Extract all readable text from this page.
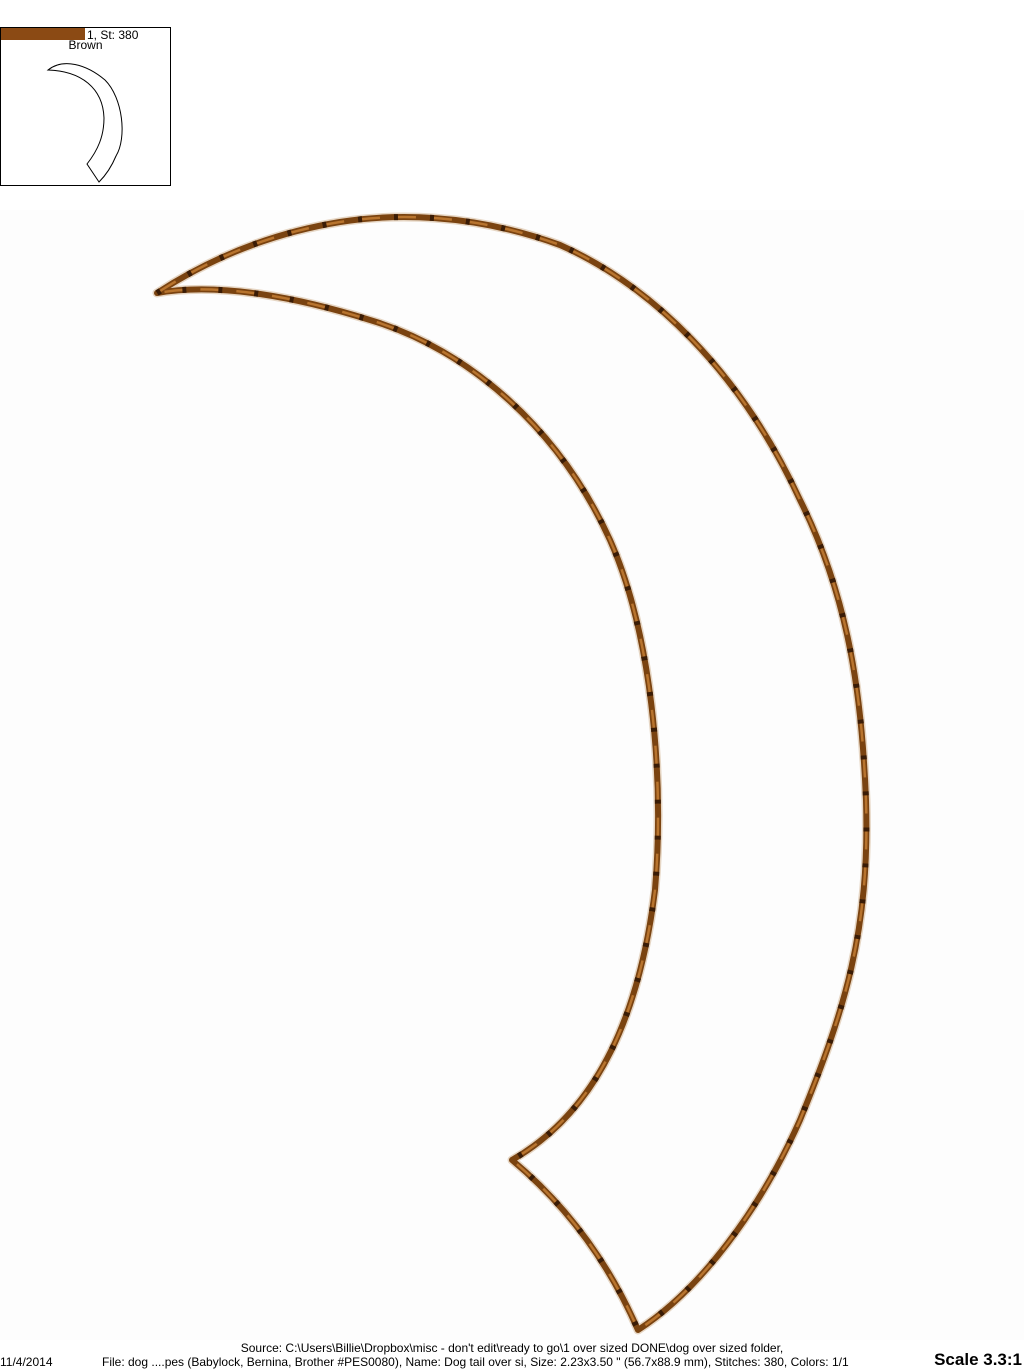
1, St: 380
Brown
Source: C:\Users\Billie\Dropbox\misc - don't edit\ready to go\1 over sized DONE\dog over sized folder,
11/4/2014	File: dog ....pes (Babylock, Bernina, Brother #PES0080), Name: Dog tail over si, Size: 2.23x3.50 " (56.7x88.9 mm), Stitches: 380, Colors: 1/1	Scale 3.3:1
